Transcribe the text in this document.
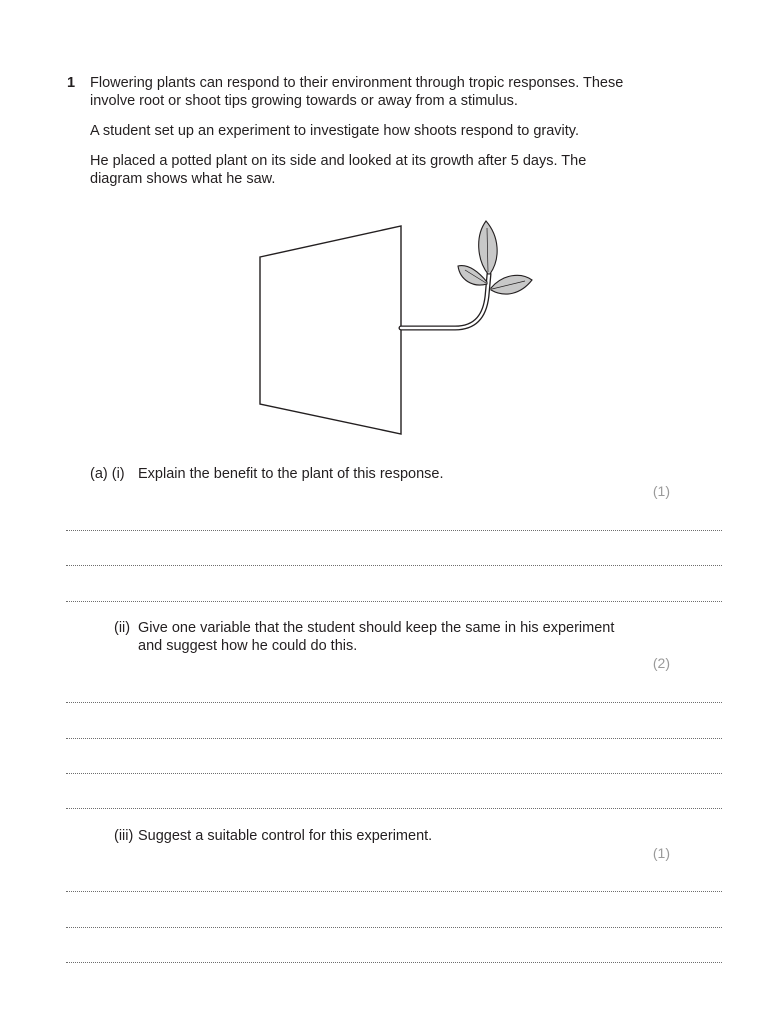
1 Flowering plants can respond to their environment through tropic responses. These
involve root or shoot tips growing towards or away from a stimulus.
A student set up an experiment to investigate how shoots respond to gravity.
He placed a potted plant on its side and looked at its growth after 5 days. The
diagram shows what he saw.
(a) (i) Explain the benefit to the plant of this response.
(1)
(ii) Give one variable that the student should keep the same in his experiment
and suggest how he could do this.
(2)
(iii) Suggest a suitable control for this experiment.
(1)
